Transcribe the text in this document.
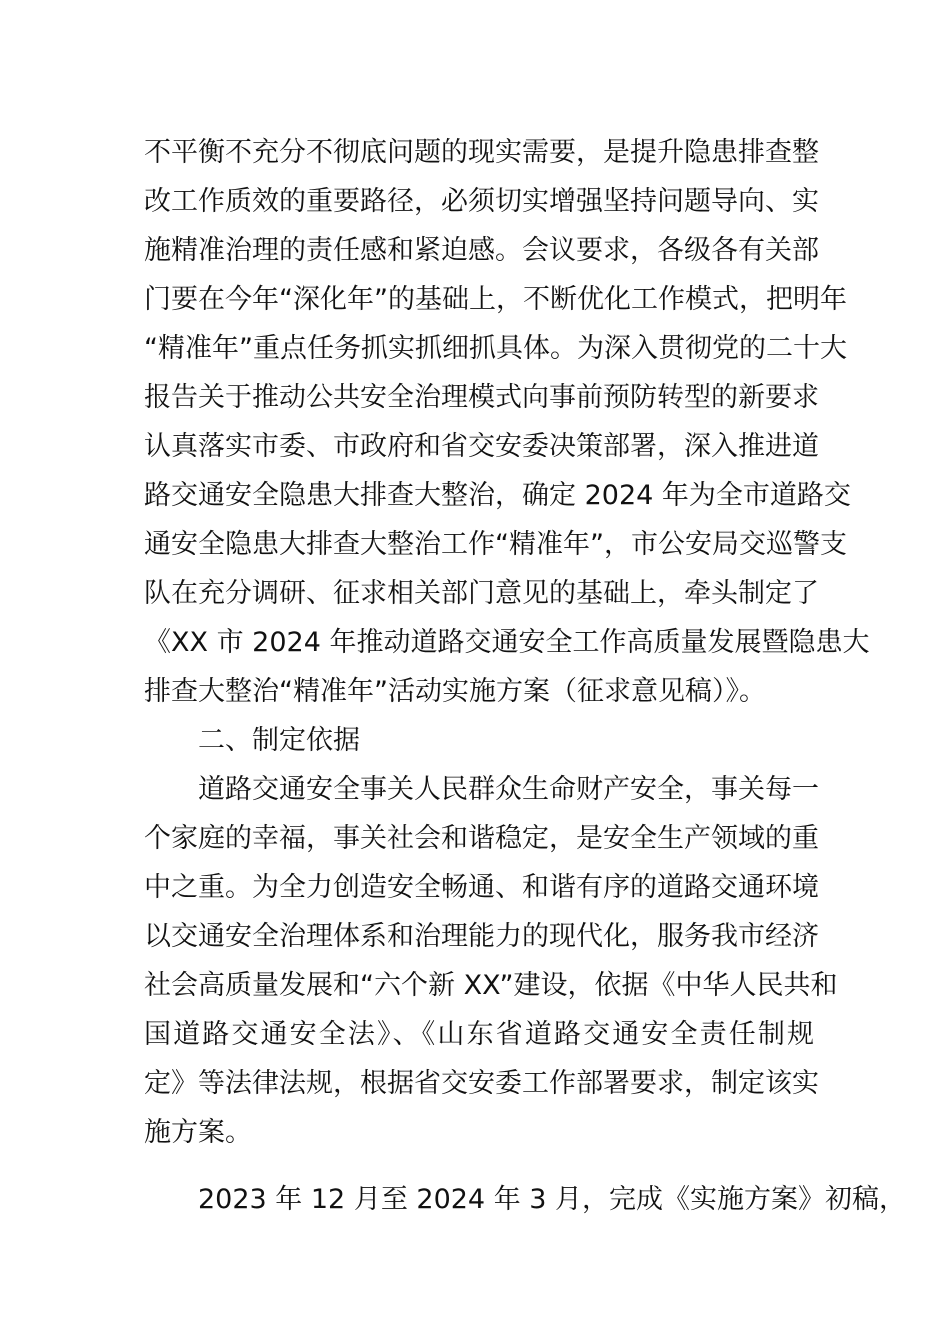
不平衡不充分不彻底问题的现实需要，是提升隐患排查整
改工作质效的重要路径，必须切实增强坚持问题导向、实
施精准治理的责任感和紧迫感。会议要求，各级各有关部
门要在今年“深化年”的基础上，不断优化工作模式，把明年
“精准年”重点任务抓实抓细抓具体。为深入贯彻党的二十大
报告关于推动公共安全治理模式向事前预防转型的新要求
认真落实市委、市政府和省交安委决策部署，深入推进道
路交通安全隐患大排查大整治，确定 2024 年为全市道路交
通安全隐患大排查大整治工作“精准年”，市公安局交巡警支
队在充分调研、征求相关部门意见的基础上，牵头制定了
《XX 市 2024 年推动道路交通安全工作高质量发展暨隐患大
排查大整治“精准年”活动实施方案（征求意见稿）》。
二、制定依据
道路交通安全事关人民群众生命财产安全，事关每一
个家庭的幸福，事关社会和谐稳定，是安全生产领域的重
中之重。为全力创造安全畅通、和谐有序的道路交通环境
以交通安全治理体系和治理能力的现代化，服务我市经济
社会高质量发展和“六个新 XX”建设，依据《中华人民共和
国道路交通安全法》、《山东省道路交通安全责任制规
定》等法律法规，根据省交安委工作部署要求，制定该实
施方案。
2023 年 12 月至 2024 年 3 月，完成《实施方案》初稿，
